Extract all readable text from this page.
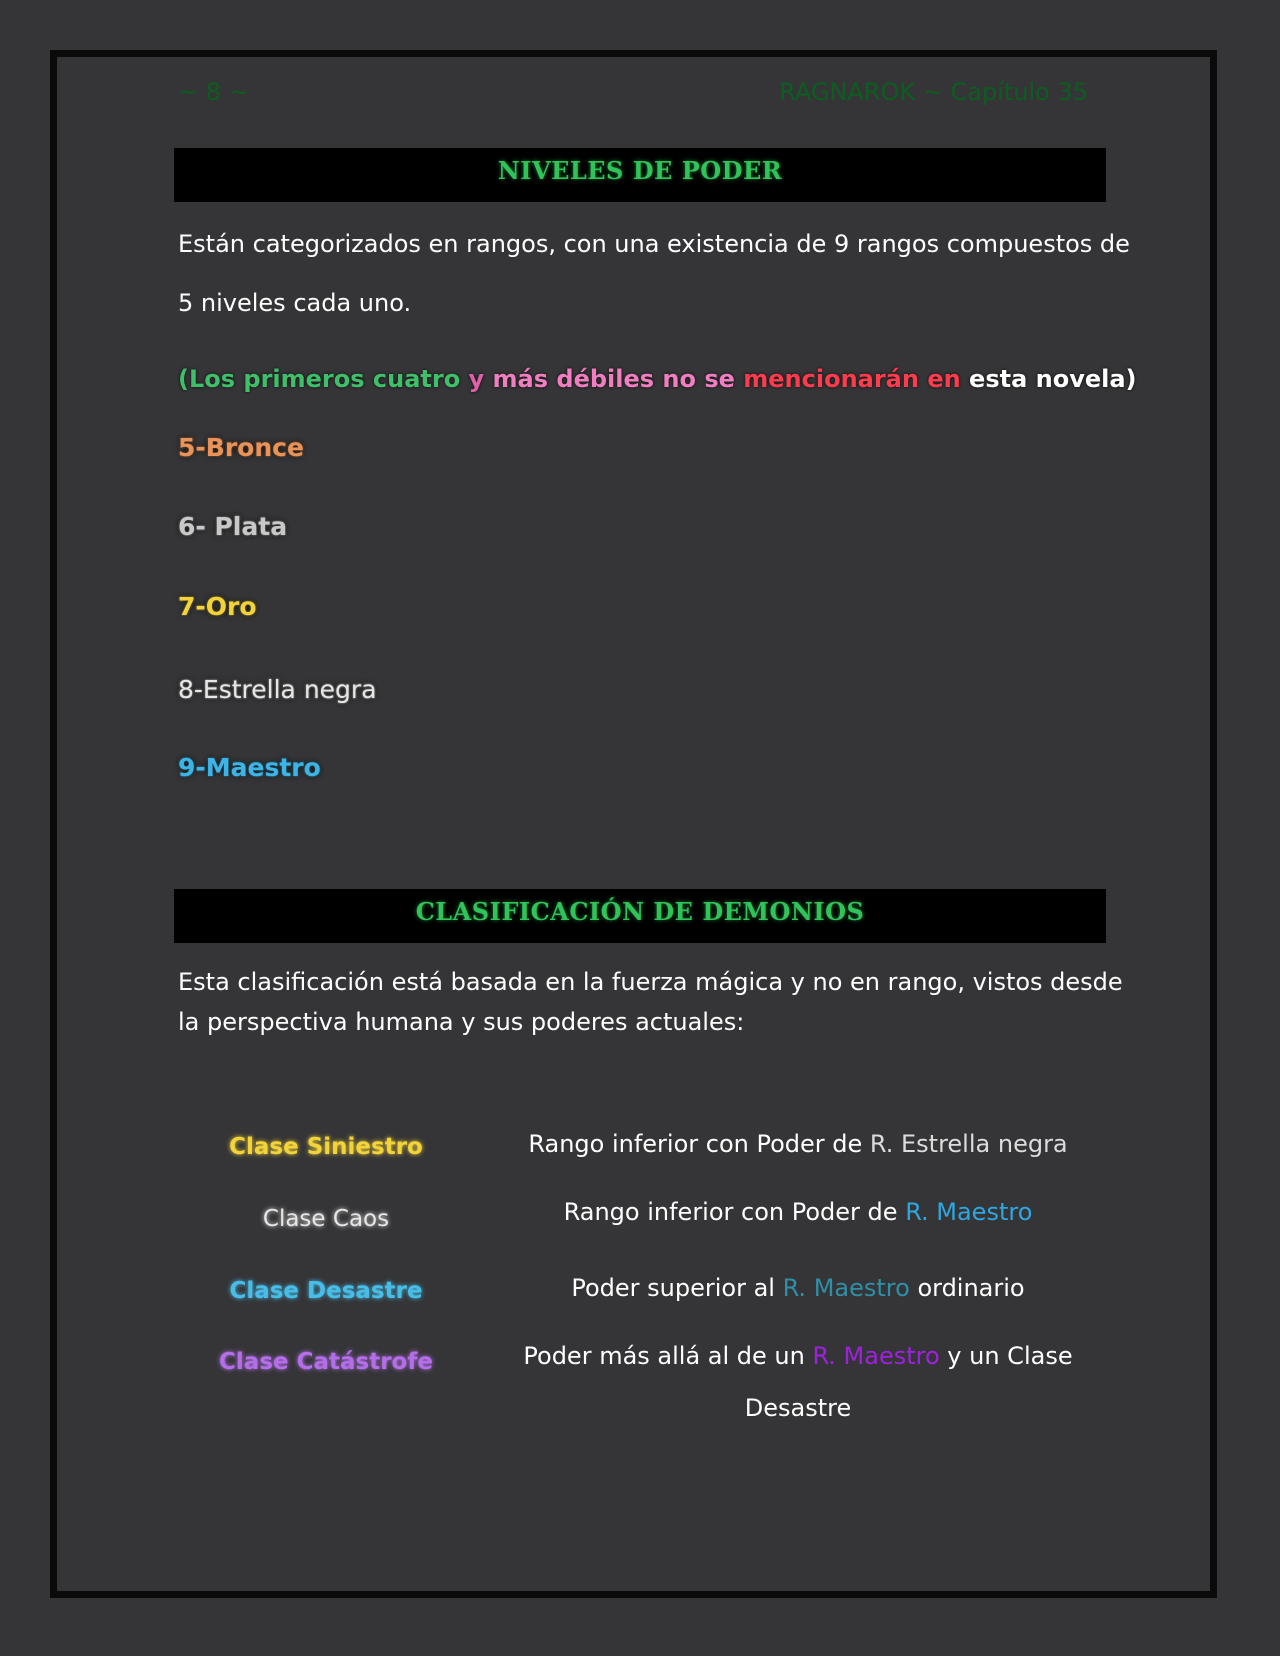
~ 8 ~	RAGNAROK ~ Capítulo 35
NIVELES DE PODER
Están categorizados en rangos, con una existencia de 9 rangos compuestos de
5 niveles cada uno.
(Los primeros cuatro y más débiles no se mencionarán en esta novela)
5-Bronce
6- Plata
7-Oro
8-Estrella negra
9-Maestro
CLASIFICACIÓN DE DEMONIOS
Esta clasificación está basada en la fuerza mágica y no en rango, vistos desde
la perspectiva humana y sus poderes actuales:
Clase Siniestro	Rango inferior con Poder de R. Estrella negra
Clase Caos	Rango inferior con Poder de R. Maestro
Clase Desastre	Poder superior al R. Maestro ordinario
Clase Catástrofe	Poder más allá al de un R. Maestro y un Clase
Desastre
